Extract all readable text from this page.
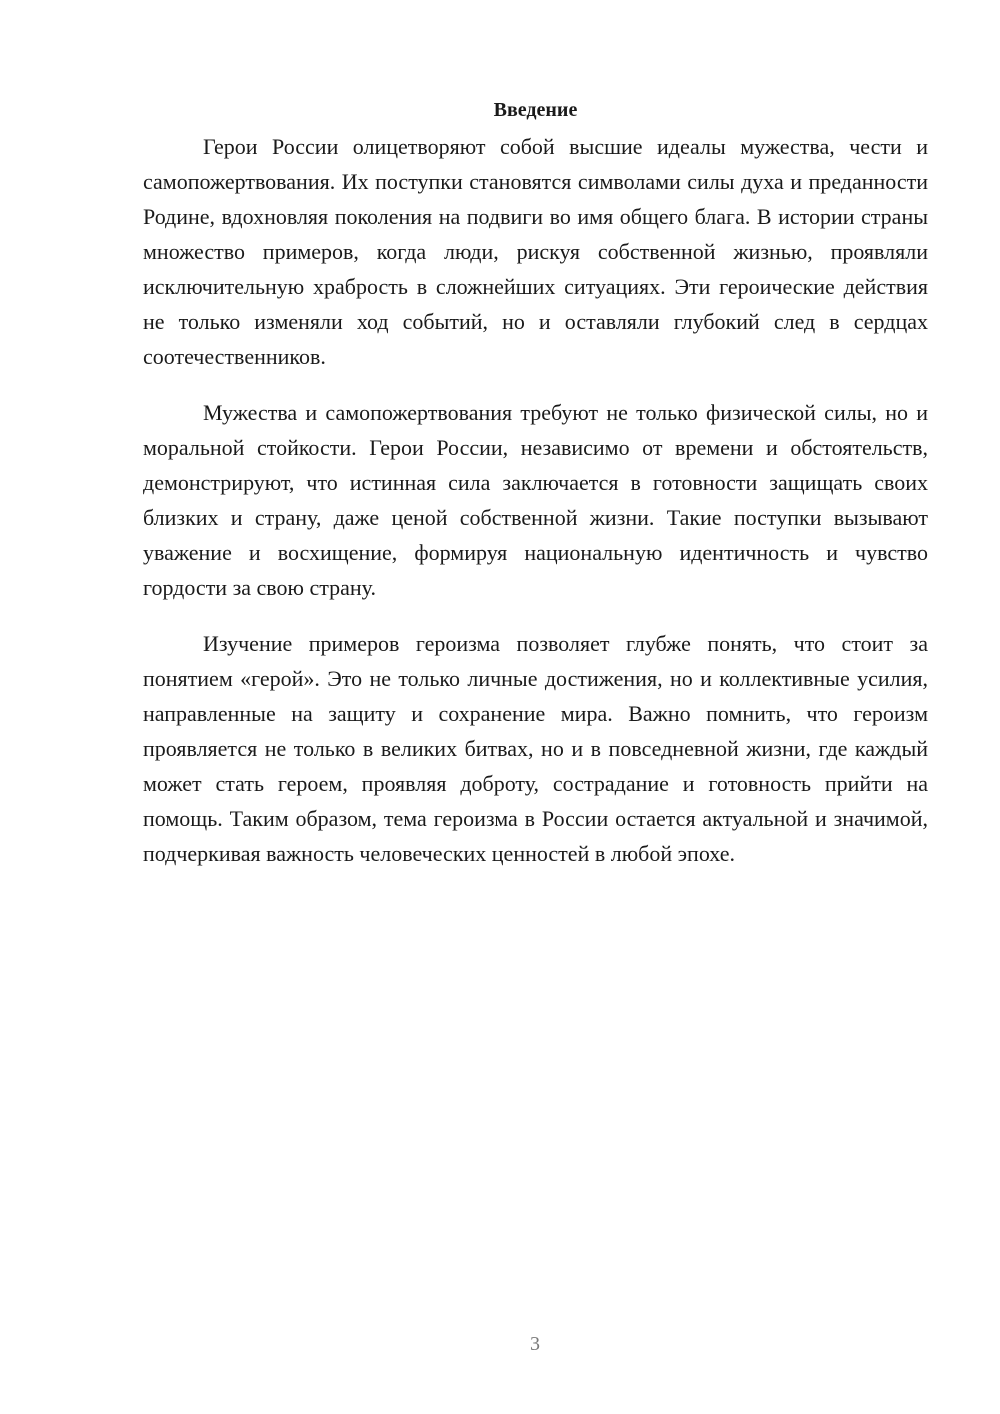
Введение

Герои России олицетворяют собой высшие идеалы мужества, чести и самопожертвования. Их поступки становятся символами силы духа и преданности Родине, вдохновляя поколения на подвиги во имя общего блага. В истории страны множество примеров, когда люди, рискуя собственной жизнью, проявляли исключительную храбрость в сложнейших ситуациях. Эти героические действия не только изменяли ход событий, но и оставляли глубокий след в сердцах соотечественников.

Мужества и самопожертвования требуют не только физической силы, но и моральной стойкости. Герои России, независимо от времени и обстоятельств, демонстрируют, что истинная сила заключается в готовности защищать своих близких и страну, даже ценой собственной жизни. Такие поступки вызывают уважение и восхищение, формируя национальную идентичность и чувство гордости за свою страну.

Изучение примеров героизма позволяет глубже понять, что стоит за понятием «герой». Это не только личные достижения, но и коллективные усилия, направленные на защиту и сохранение мира. Важно помнить, что героизм проявляется не только в великих битвах, но и в повседневной жизни, где каждый может стать героем, проявляя доброту, сострадание и готовность прийти на помощь. Таким образом, тема героизма в России остается актуальной и значимой, подчеркивая важность человеческих ценностей в любой эпохе.

3
